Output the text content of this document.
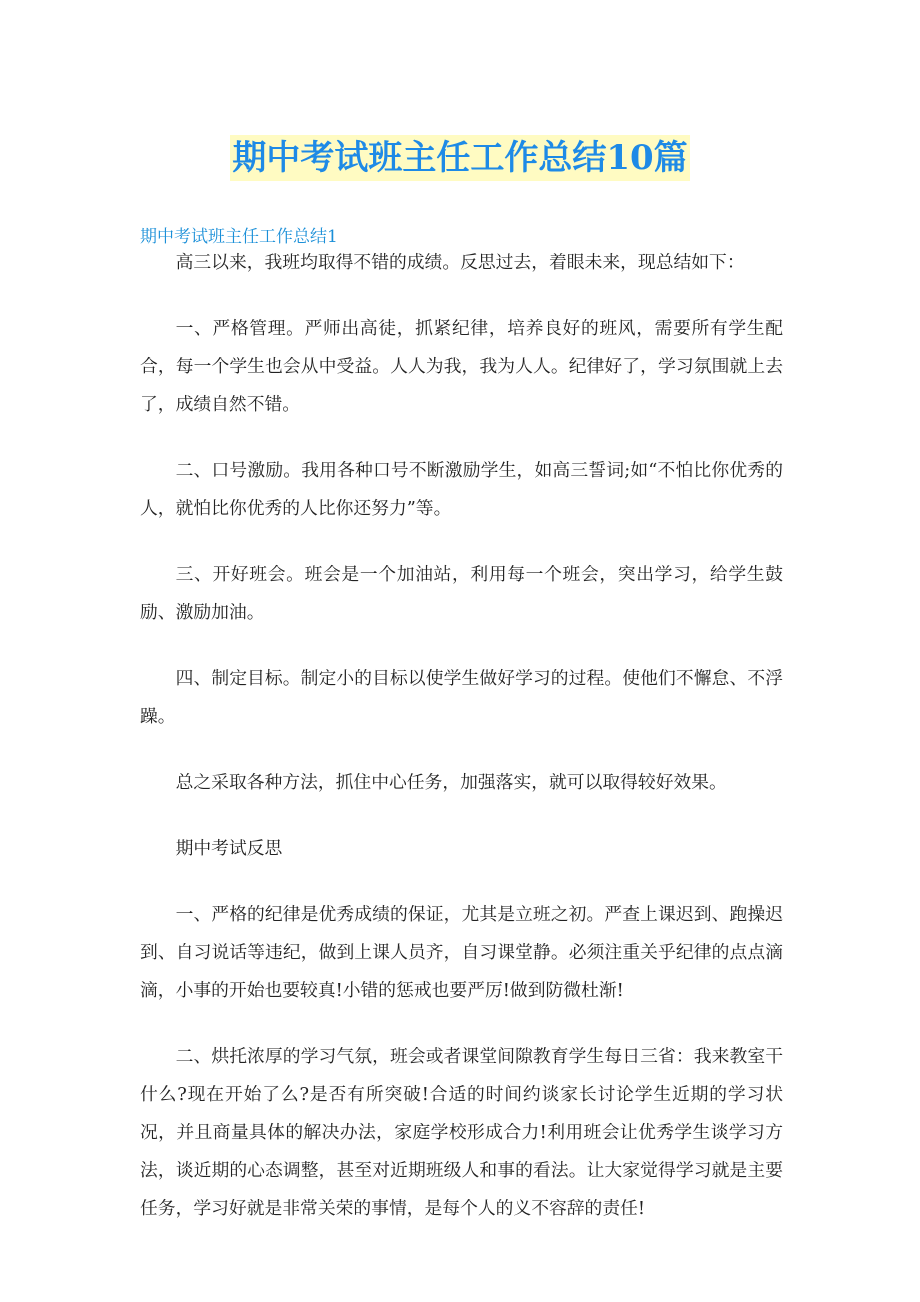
期中考试班主任工作总结10篇
期中考试班主任工作总结1

高三以来，我班均取得不错的成绩。反思过去，着眼未来，现总结如下：

一、严格管理。严师出高徒，抓紧纪律，培养良好的班风，需要所有学生配合，每一个学生也会从中受益。人人为我，我为人人。纪律好了，学习氛围就上去了，成绩自然不错。

二、口号激励。我用各种口号不断激励学生，如高三誓词;如“不怕比你优秀的人，就怕比你优秀的人比你还努力”等。

三、开好班会。班会是一个加油站，利用每一个班会，突出学习，给学生鼓励、激励加油。

四、制定目标。制定小的目标以使学生做好学习的过程。使他们不懈怠、不浮躁。

总之采取各种方法，抓住中心任务，加强落实，就可以取得较好效果。

期中考试反思

一、严格的纪律是优秀成绩的保证，尤其是立班之初。严查上课迟到、跑操迟到、自习说话等违纪，做到上课人员齐，自习课堂静。必须注重关乎纪律的点点滴滴，小事的开始也要较真!小错的惩戒也要严厉!做到防微杜渐!

二、烘托浓厚的学习气氛，班会或者课堂间隙教育学生每日三省：我来教室干什么?现在开始了么?是否有所突破!合适的时间约谈家长讨论学生近期的学习状况，并且商量具体的解决办法，家庭学校形成合力!利用班会让优秀学生谈学习方法，谈近期的心态调整，甚至对近期班级人和事的看法。让大家觉得学习就是主要任务，学习好就是非常关荣的事情，是每个人的义不容辞的责任!
